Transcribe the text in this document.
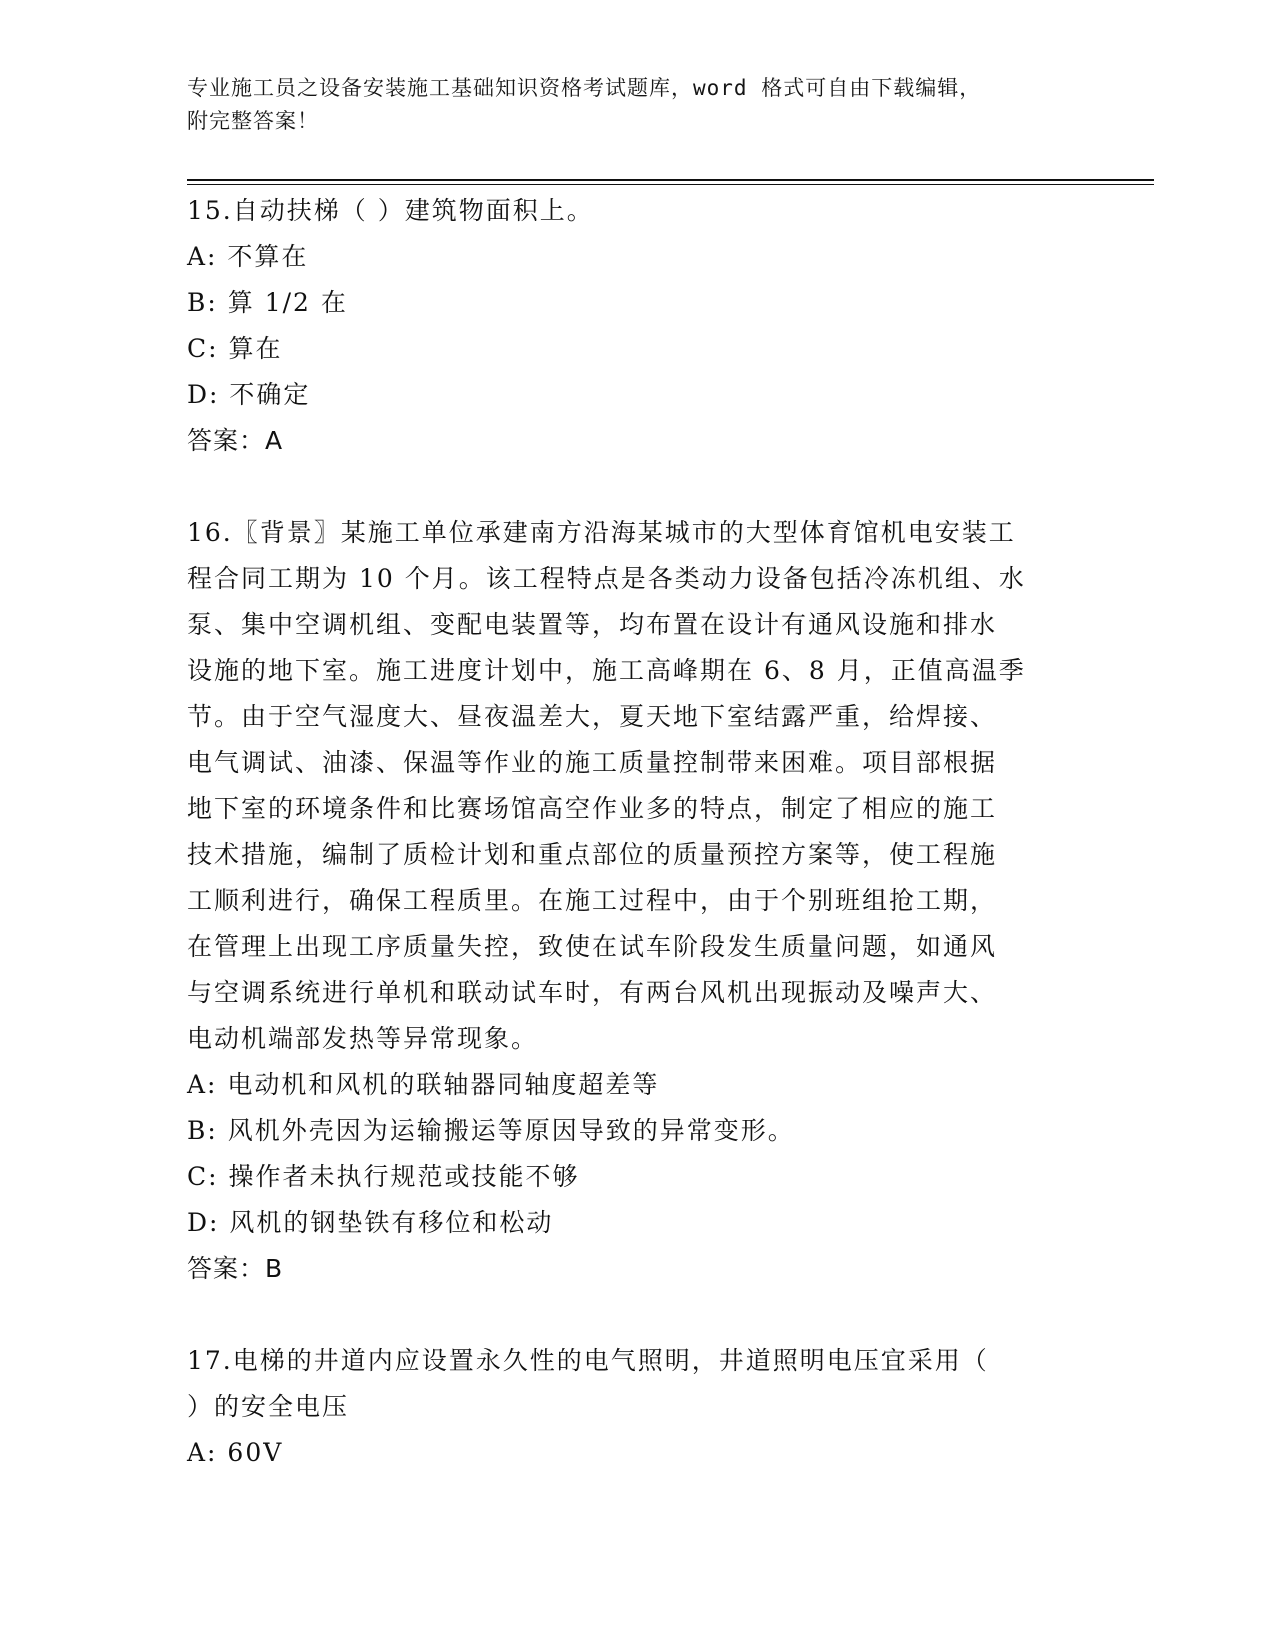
专业施工员之设备安装施工基础知识资格考试题库，word 格式可自由下载编辑，
附完整答案！
15.自动扶梯（ ）建筑物面积上。
A: 不算在
B: 算 1/2 在
C: 算在
D: 不确定
答案：A
16.〖背景〗某施工单位承建南方沿海某城市的大型体育馆机电安装工
程合同工期为 10 个月。该工程特点是各类动力设备包括冷冻机组、水
泵、集中空调机组、变配电装置等，均布置在设计有通风设施和排水
设施的地下室。施工进度计划中，施工高峰期在 6、8 月，正值高温季
节。由于空气湿度大、昼夜温差大，夏天地下室结露严重，给焊接、
电气调试、油漆、保温等作业的施工质量控制带来困难。项目部根据
地下室的环境条件和比赛场馆高空作业多的特点，制定了相应的施工
技术措施，编制了质检计划和重点部位的质量预控方案等，使工程施
工顺利进行，确保工程质里。在施工过程中，由于个别班组抢工期，
在管理上出现工序质量失控，致使在试车阶段发生质量问题，如通风
与空调系统进行单机和联动试车时，有两台风机出现振动及噪声大、
电动机端部发热等异常现象。
A: 电动机和风机的联轴器同轴度超差等
B: 风机外壳因为运输搬运等原因导致的异常变形。
C: 操作者未执行规范或技能不够
D: 风机的钢垫铁有移位和松动
答案：B
17.电梯的井道内应设置永久性的电气照明，井道照明电压宜采用（
）的安全电压
A: 60V
